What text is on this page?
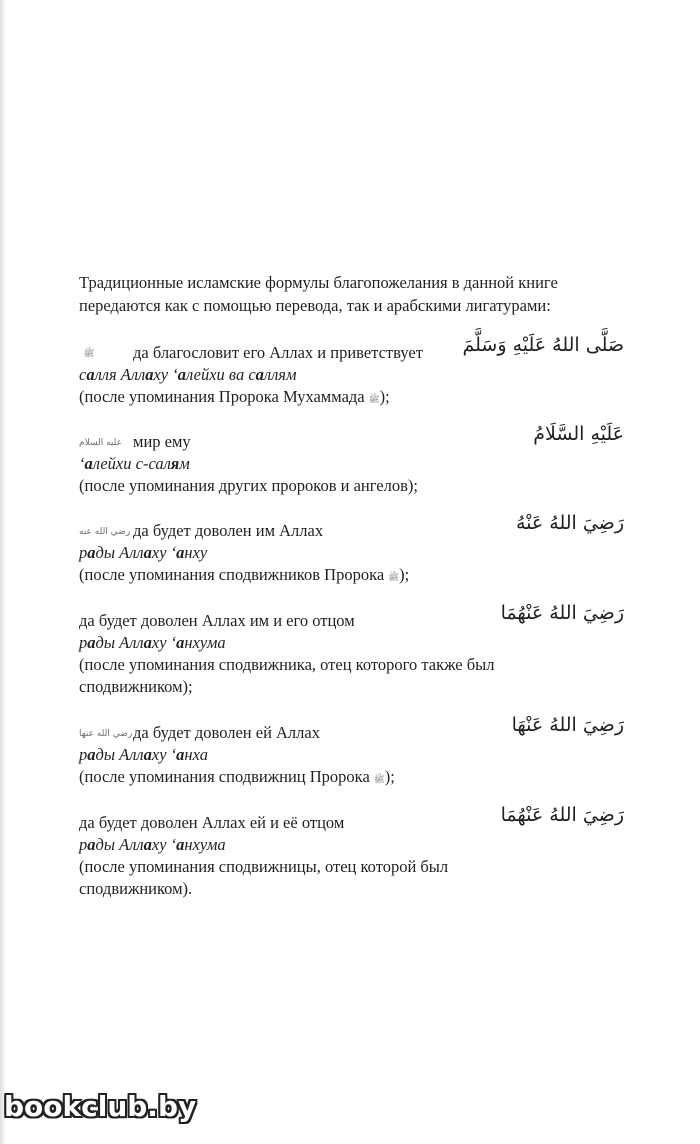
Традиционные исламские формулы благопожелания в данной книге передаются как с помощью перевода, так и арабскими лигатурами:

ﷺ да благословит его Аллах и приветствует صَلَّى اللهُ عَلَيْهِ وَسَلَّمَ
салля Аллаху ‘алейхи ва саллям
(после упоминания Пророка Мухаммада ﷺ);
عليه السلام мир ему	عَلَيْهِ السَّلَامُ
‘алейхи с-салям
(после упоминания других пророков и ангелов);
رضي الله عنه да будет доволен им Аллах	رَضِيَ اللهُ عَنْهُ
рады Аллаху ‘анху
(после упоминания сподвижников Пророка ﷺ);
да будет доволен Аллах им и его отцом	رَضِيَ اللهُ عَنْهُمَا
рады Аллаху ‘анхума
(после упоминания сподвижника, отец которого также был сподвижником);
رضي الله عنهاда будет доволен ей Аллах	رَضِيَ اللهُ عَنْهَا
рады Аллаху ‘анха
(после упоминания сподвижниц Пророка ﷺ);
да будет доволен Аллах ей и её отцом	رَضِيَ اللهُ عَنْهُمَا
рады Аллаху ‘анхума
(после упоминания сподвижницы, отец которой был сподвижником).
bookclub.by
